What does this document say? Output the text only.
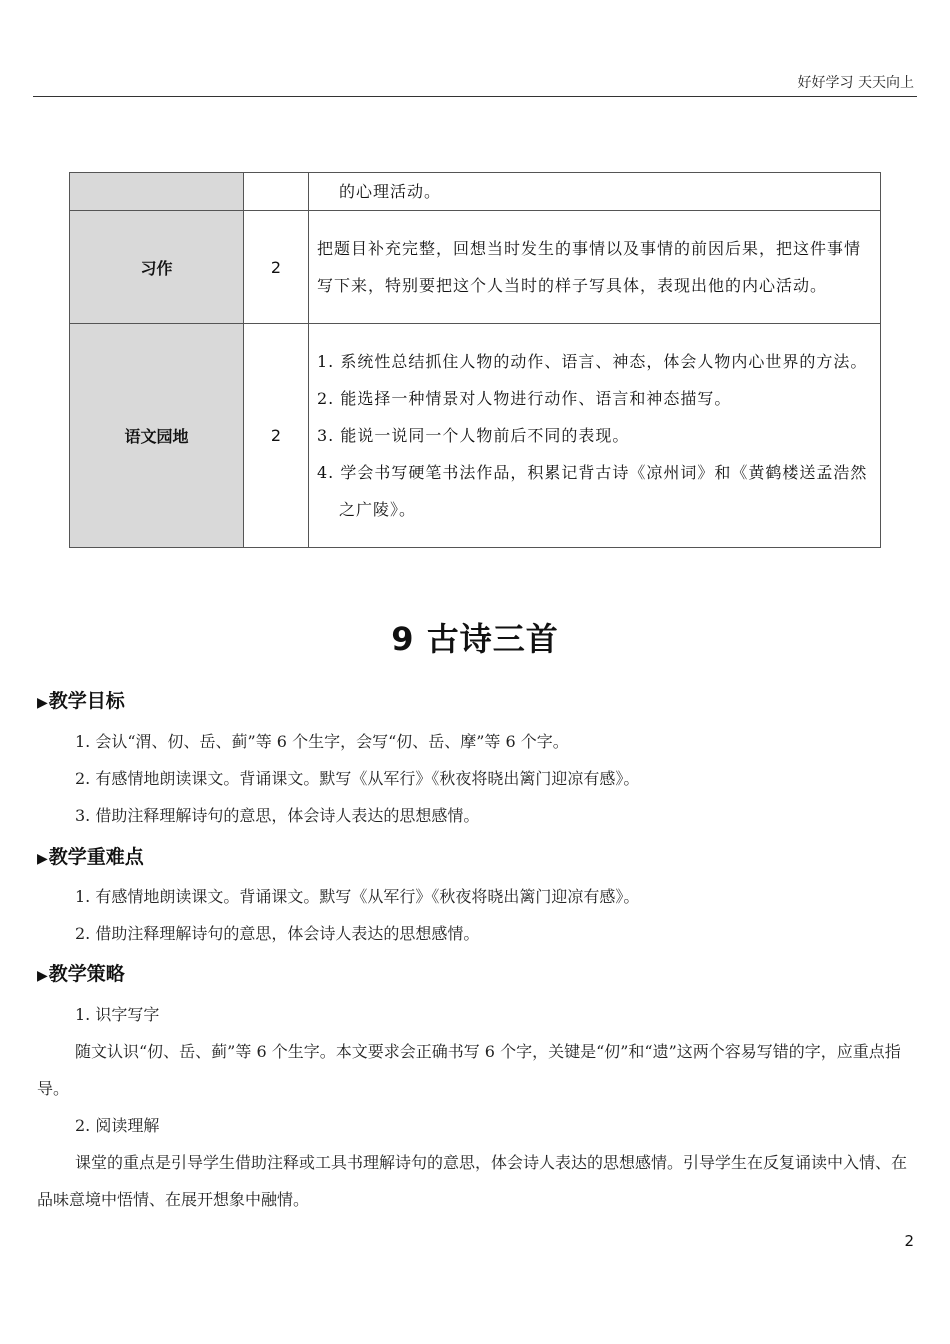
好好学习 天天向上

		的心理活动。

习作	2	把题目补充完整，回想当时发生的事情以及事情的前因后果，把这件事情写下来，特别要把这个人当时的样子写具体，表现出他的内心活动。

语文园地	2	1. 系统性总结抓住人物的动作、语言、神态，体会人物内心世界的方法。
2. 能选择一种情景对人物进行动作、语言和神态描写。
3. 能说一说同一个人物前后不同的表现。
4. 学会书写硬笔书法作品，积累记背古诗《凉州词》和《黄鹤楼送孟浩然之广陵》。
9 古诗三首
▶教学目标
1. 会认“渭、仞、岳、蓟”等 6 个生字，会写“仞、岳、摩”等 6 个字。
2. 有感情地朗读课文。背诵课文。默写《从军行》《秋夜将晓出篱门迎凉有感》。
3. 借助注释理解诗句的意思，体会诗人表达的思想感情。
▶教学重难点
1. 有感情地朗读课文。背诵课文。默写《从军行》《秋夜将晓出篱门迎凉有感》。
2. 借助注释理解诗句的意思，体会诗人表达的思想感情。
▶教学策略
1. 识字写字
随文认识“仞、岳、蓟”等 6 个生字。本文要求会正确书写 6 个字，关键是“仞”和“遗”这两个容易写错的字，应重点指导。
2. 阅读理解
课堂的重点是引导学生借助注释或工具书理解诗句的意思，体会诗人表达的思想感情。引导学生在反复诵读中入情、在品味意境中悟情、在展开想象中融情。
2
